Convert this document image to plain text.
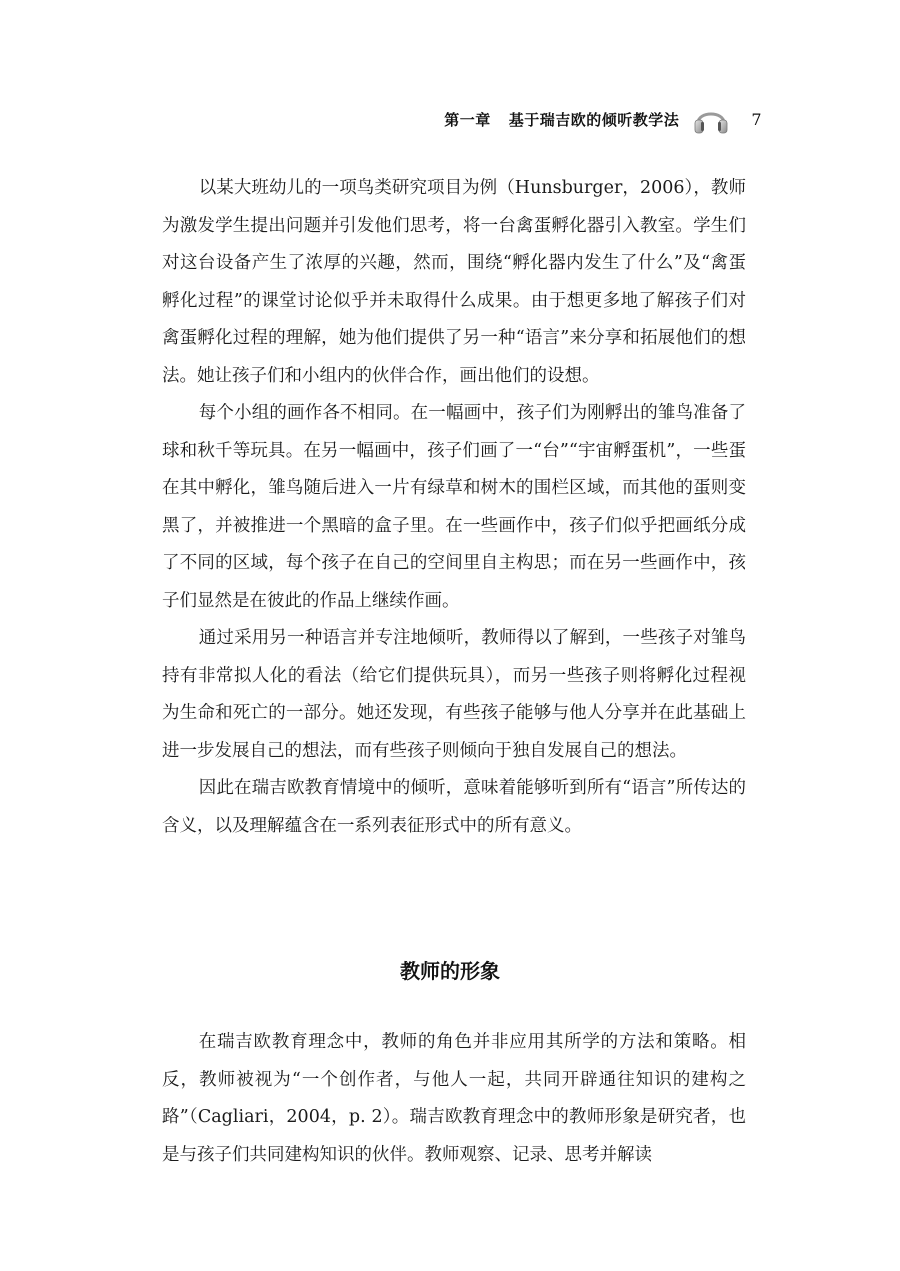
第一章 基于瑞吉欧的倾听教学法	7

以某大班幼儿的一项鸟类研究项目为例（Hunsburger，2006），教师为激发学生提出问题并引发他们思考，将一台禽蛋孵化器引入教室。学生们对这台设备产生了浓厚的兴趣，然而，围绕“孵化器内发生了什么”及“禽蛋孵化过程”的课堂讨论似乎并未取得什么成果。由于想更多地了解孩子们对禽蛋孵化过程的理解，她为他们提供了另一种“语言”来分享和拓展他们的想法。她让孩子们和小组内的伙伴合作，画出他们的设想。

每个小组的画作各不相同。在一幅画中，孩子们为刚孵出的雏鸟准备了球和秋千等玩具。在另一幅画中，孩子们画了一“台”“宇宙孵蛋机”，一些蛋在其中孵化，雏鸟随后进入一片有绿草和树木的围栏区域，而其他的蛋则变黑了，并被推进一个黑暗的盒子里。在一些画作中，孩子们似乎把画纸分成了不同的区域，每个孩子在自己的空间里自主构思；而在另一些画作中，孩子们显然是在彼此的作品上继续作画。

通过采用另一种语言并专注地倾听，教师得以了解到，一些孩子对雏鸟持有非常拟人化的看法（给它们提供玩具），而另一些孩子则将孵化过程视为生命和死亡的一部分。她还发现，有些孩子能够与他人分享并在此基础上进一步发展自己的想法，而有些孩子则倾向于独自发展自己的想法。

因此在瑞吉欧教育情境中的倾听，意味着能够听到所有“语言”所传达的含义，以及理解蕴含在一系列表征形式中的所有意义。

教师的形象

在瑞吉欧教育理念中，教师的角色并非应用其所学的方法和策略。相反，教师被视为“一个创作者，与他人一起，共同开辟通往知识的建构之路”（Cagliari，2004，p. 2）。瑞吉欧教育理念中的教师形象是研究者，也是与孩子们共同建构知识的伙伴。教师观察、记录、思考并解读
